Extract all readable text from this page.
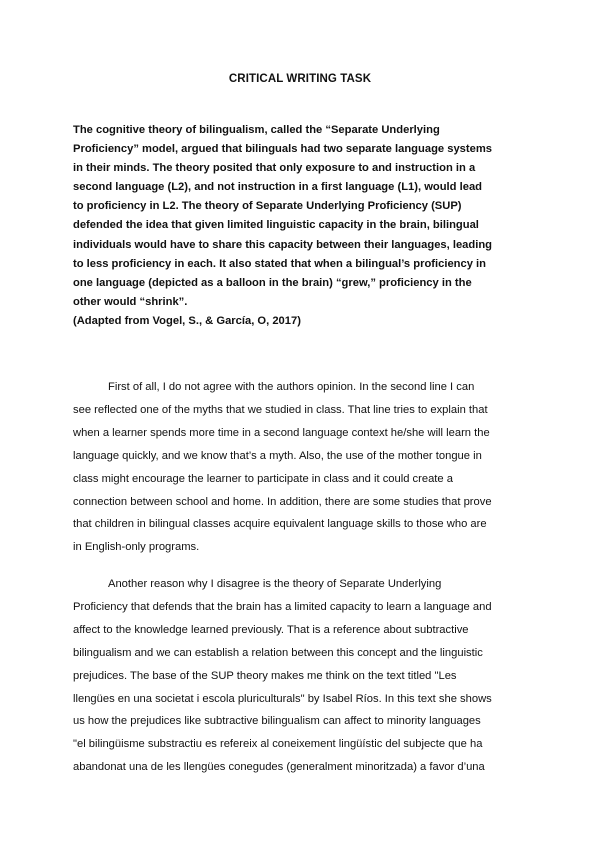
CRITICAL WRITING TASK
The cognitive theory of bilingualism, called the “Separate Underlying
Proficiency” model, argued that bilinguals had two separate language systems
in their minds. The theory posited that only exposure to and instruction in a
second language (L2), and not instruction in a first language (L1), would lead
to proficiency in L2. The theory of Separate Underlying Proficiency (SUP)
defended the idea that given limited linguistic capacity in the brain, bilingual
individuals would have to share this capacity between their languages, leading
to less proficiency in each. It also stated that when a bilingual’s proficiency in
one language (depicted as a balloon in the brain) “grew,” proficiency in the
other would “shrink”.
(Adapted from Vogel, S., & García, O, 2017)
First of all, I do not agree with the authors opinion. In the second line I can
see reflected one of the myths that we studied in class. That line tries to explain that
when a learner spends more time in a second language context he/she will learn the
language quickly, and we know that’s a myth. Also, the use of the mother tongue in
class might encourage the learner to participate in class and it could create a
connection between school and home. In addition, there are some studies that prove
that children in bilingual classes acquire equivalent language skills to those who are
in English-only programs.
Another reason why I disagree is the theory of Separate Underlying
Proficiency that defends that the brain has a limited capacity to learn a language and
affect to the knowledge learned previously. That is a reference about subtractive
bilingualism and we can establish a relation between this concept and the linguistic
prejudices. The base of the SUP theory makes me think on the text titled "Les
llengües en una societat i escola pluriculturals" by Isabel Ríos. In this text she shows
us how the prejudices like subtractive bilingualism can affect to minority languages
"el bilingüisme substractiu es refereix al coneixement lingüístic del subjecte que ha
abandonat una de les llengües conegudes (generalment minoritzada) a favor d’una
